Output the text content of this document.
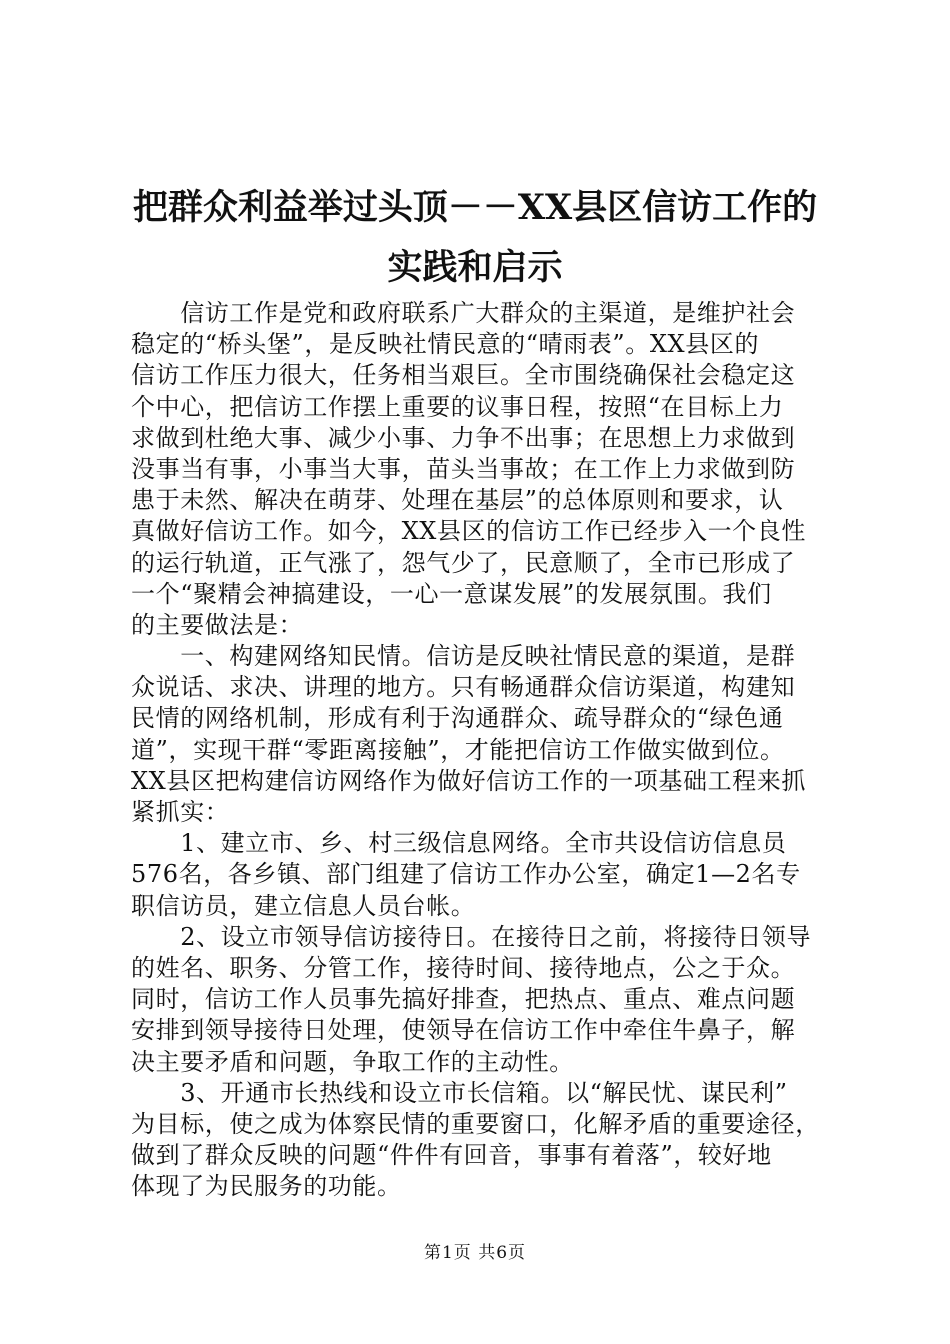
把群众利益举过头顶－－XX县区信访工作的
实践和启示
　　信访工作是党和政府联系广大群众的主渠道，是维护社会
稳定的“桥头堡”，是反映社情民意的“晴雨表”。XX县区的
信访工作压力很大，任务相当艰巨。全市围绕确保社会稳定这
个中心，把信访工作摆上重要的议事日程，按照“在目标上力
求做到杜绝大事、减少小事、力争不出事；在思想上力求做到
没事当有事，小事当大事，苗头当事故；在工作上力求做到防
患于未然、解决在萌芽、处理在基层”的总体原则和要求，认
真做好信访工作。如今，XX县区的信访工作已经步入一个良性
的运行轨道，正气涨了，怨气少了，民意顺了，全市已形成了
一个“聚精会神搞建设，一心一意谋发展”的发展氛围。我们
的主要做法是：
　　一、构建网络知民情。信访是反映社情民意的渠道，是群
众说话、求决、讲理的地方。只有畅通群众信访渠道，构建知
民情的网络机制，形成有利于沟通群众、疏导群众的“绿色通
道”，实现干群“零距离接触”，才能把信访工作做实做到位。
XX县区把构建信访网络作为做好信访工作的一项基础工程来抓
紧抓实：
　　1、建立市、乡、村三级信息网络。全市共设信访信息员
576名，各乡镇、部门组建了信访工作办公室，确定1—2名专
职信访员，建立信息人员台帐。
　　2、设立市领导信访接待日。在接待日之前，将接待日领导
的姓名、职务、分管工作，接待时间、接待地点，公之于众。
同时，信访工作人员事先搞好排查，把热点、重点、难点问题
安排到领导接待日处理，使领导在信访工作中牵住牛鼻子，解
决主要矛盾和问题，争取工作的主动性。
　　3、开通市长热线和设立市长信箱。以“解民忧、谋民利”
为目标，使之成为体察民情的重要窗口，化解矛盾的重要途径，
做到了群众反映的问题“件件有回音，事事有着落”，较好地
体现了为民服务的功能。
第1页 共6页
